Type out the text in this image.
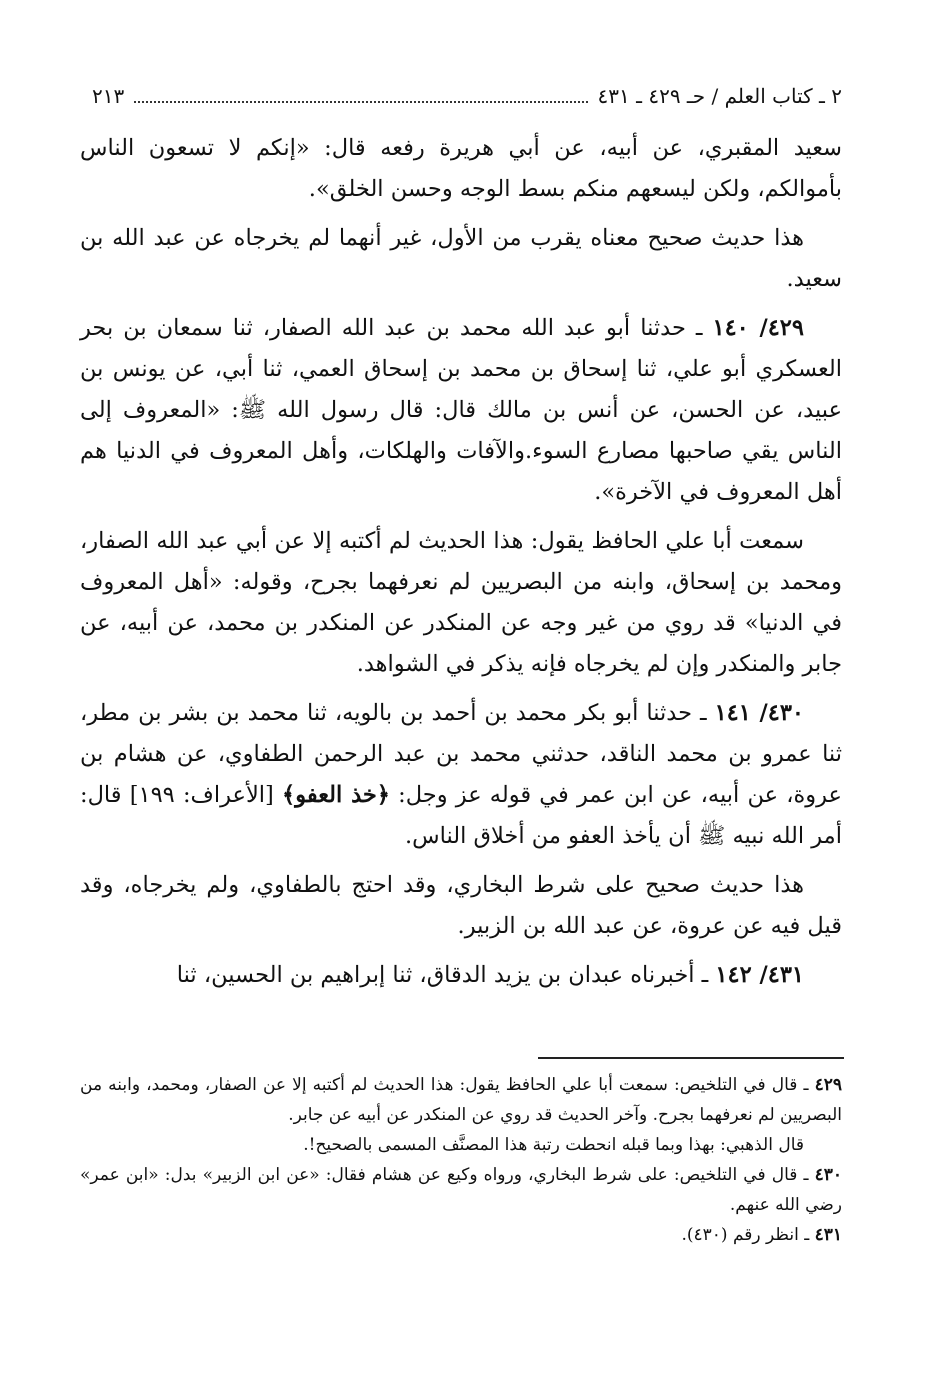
٢ ـ كتاب العلم / حـ ٤٢٩ ـ ٤٣١
٢١٣

سعيد المقبري، عن أبيه، عن أبي هريرة رفعه قال: «إنكم لا تسعون الناس بأموالكم، ولكن ليسعهم منكم بسط الوجه وحسن الخلق».

هذا حديث صحيح معناه يقرب من الأول، غير أنهما لم يخرجاه عن عبد الله بن سعيد.

٤٢٩/ ١٤٠ ـ حدثنا أبو عبد الله محمد بن عبد الله الصفار، ثنا سمعان بن بحر العسكري أبو علي، ثنا إسحاق بن محمد بن إسحاق العمي، ثنا أبي، عن يونس بن عبيد، عن الحسن، عن أنس بن مالك قال: قال رسول الله ﷺ: «المعروف إلى الناس يقي صاحبها مصارع السوء.والآفات والهلكات، وأهل المعروف في الدنيا هم أهل المعروف في الآخرة».

سمعت أبا علي الحافظ يقول: هذا الحديث لم أكتبه إلا عن أبي عبد الله الصفار، ومحمد بن إسحاق، وابنه من البصريين لم نعرفهما بجرح، وقوله: «أهل المعروف في الدنيا» قد روي من غير وجه عن المنكدر عن المنكدر بن محمد، عن أبيه، عن جابر والمنكدر وإن لم يخرجاه فإنه يذكر في الشواهد.

٤٣٠/ ١٤١ ـ حدثنا أبو بكر محمد بن أحمد بن بالويه، ثنا محمد بن بشر بن مطر، ثنا عمرو بن محمد الناقد، حدثني محمد بن عبد الرحمن الطفاوي، عن هشام بن عروة، عن أبيه، عن ابن عمر في قوله عز وجل: ﴿خذ العفو﴾ [الأعراف: ١٩٩] قال: أمر الله نبيه ﷺ أن يأخذ العفو من أخلاق الناس.

هذا حديث صحيح على شرط البخاري، وقد احتج بالطفاوي، ولم يخرجاه، وقد قيل فيه عن عروة، عن عبد الله بن الزبير.

٤٣١/ ١٤٢ ـ أخبرناه عبدان بن يزيد الدقاق، ثنا إبراهيم بن الحسين، ثنا

٤٢٩ ـ قال في التلخيص: سمعت أبا علي الحافظ يقول: هذا الحديث لم أكتبه إلا عن الصفار، ومحمد، وابنه من البصريين لم نعرفهما بجرح. وآخر الحديث قد روي عن المنكدر عن أبيه عن جابر.

قال الذهبي: بهذا وبما قبله انحطت رتبة هذا المصنَّف المسمى بالصحيح!.

٤٣٠ ـ قال في التلخيص: على شرط البخاري، ورواه وكيع عن هشام فقال: «عن ابن الزبير» بدل: «ابن عمر» رضي الله عنهم.

٤٣١ ـ انظر رقم (٤٣٠).
